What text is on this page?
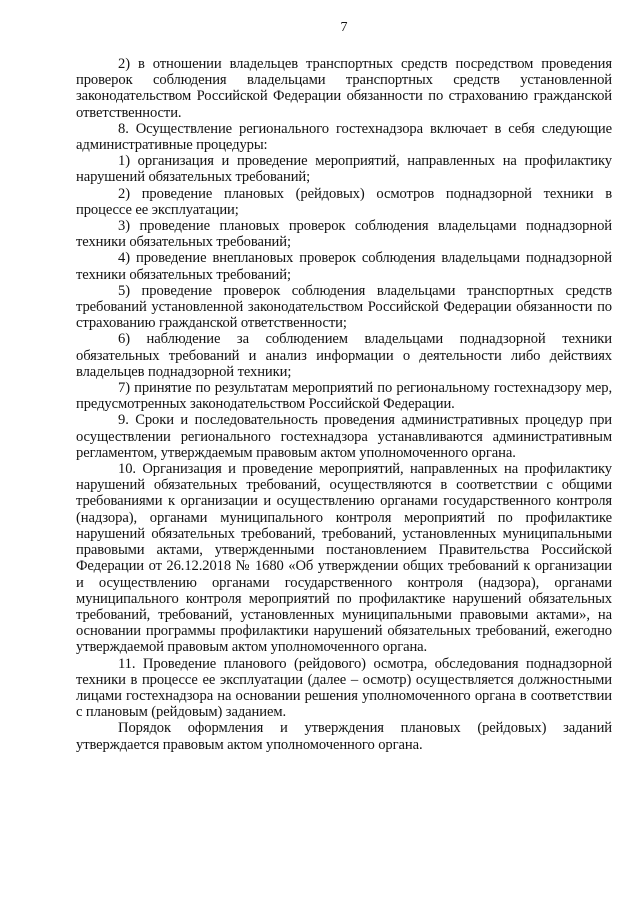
7

2) в отношении владельцев транспортных средств посредством проведения проверок соблюдения владельцами транспортных средств установленной законодательством Российской Федерации обязанности по страхованию гражданской ответственности.

8. Осуществление регионального гостехнадзора включает в себя следующие административные процедуры:

1) организация и проведение мероприятий, направленных на профилактику нарушений обязательных требований;

2) проведение плановых (рейдовых) осмотров поднадзорной техники в процессе ее эксплуатации;

3) проведение плановых проверок соблюдения владельцами поднадзорной техники обязательных требований;

4) проведение внеплановых проверок соблюдения владельцами поднадзорной техники обязательных требований;

5) проведение проверок соблюдения владельцами транспортных средств требований установленной законодательством Российской Федерации обязанности по страхованию гражданской ответственности;

6) наблюдение за соблюдением владельцами поднадзорной техники обязательных требований и анализ информации о деятельности либо действиях владельцев поднадзорной техники;

7) принятие по результатам мероприятий по региональному гостехнадзору мер, предусмотренных законодательством Российской Федерации.

9. Сроки и последовательность проведения административных процедур при осуществлении регионального гостехнадзора устанавливаются административным регламентом, утверждаемым правовым актом уполномоченного органа.

10. Организация и проведение мероприятий, направленных на профилактику нарушений обязательных требований, осуществляются в соответствии с общими требованиями к организации и осуществлению органами государственного контроля (надзора), органами муниципального контроля мероприятий по профилактике нарушений обязательных требований, требований, установленных муниципальными правовыми актами, утвержденными постановлением Правительства Российской Федерации от 26.12.2018 № 1680 «Об утверждении общих требований к организации и осуществлению органами государственного контроля (надзора), органами муниципального контроля мероприятий по профилактике нарушений обязательных требований, требований, установленных муниципальными правовыми актами», на основании программы профилактики нарушений обязательных требований, ежегодно утверждаемой правовым актом уполномоченного органа.

11. Проведение планового (рейдового) осмотра, обследования поднадзорной техники в процессе ее эксплуатации (далее – осмотр) осуществляется должностными лицами гостехнадзора на основании решения уполномоченного органа в соответствии с плановым (рейдовым) заданием.

Порядок оформления и утверждения плановых (рейдовых) заданий утверждается правовым актом уполномоченного органа.
